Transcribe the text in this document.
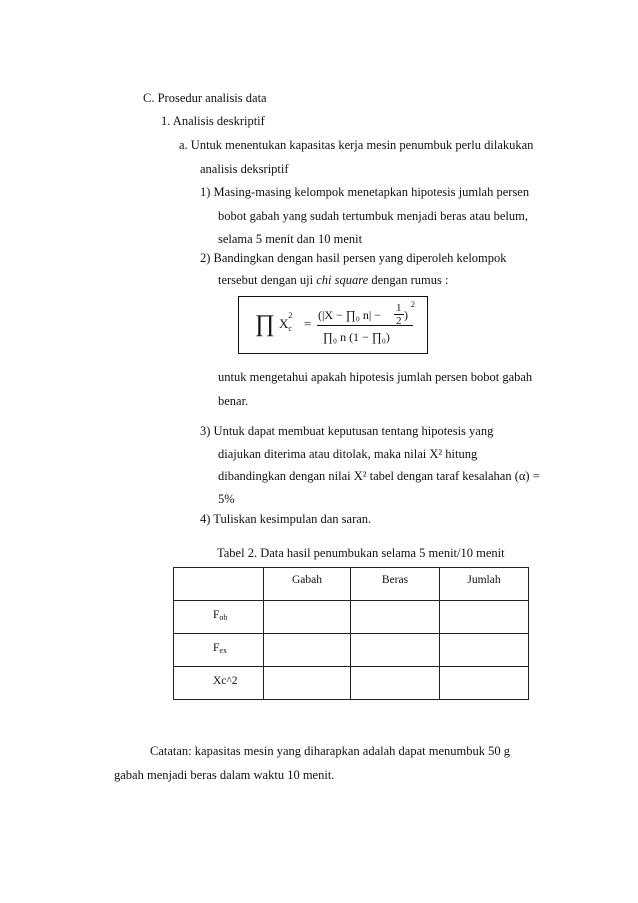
C. Prosedur analisis data
1. Analisis deskriptif
a. Untuk menentukan kapasitas kerja mesin penumbuk perlu dilakukan
analisis deksriptif
1) Masing-masing kelompok menetapkan hipotesis jumlah persen
bobot gabah yang sudah tertumbuk menjadi beras atau belum,
selama 5 menit dan 10 menit
2) Bandingkan dengan hasil persen yang diperoleh kelompok
tersebut dengan uji chi square dengan rumus :
∏ X
2
c =
(|X − ∏₀ n| − 1
2 )
2
∏₀ n (1 − ∏₀)
untuk mengetahui apakah hipotesis jumlah persen bobot gabah
benar.
3) Untuk dapat membuat keputusan tentang hipotesis yang
diajukan diterima atau ditolak, maka nilai X² hitung
dibandingkan dengan nilai X² tabel dengan taraf kesalahan (α) =
5%
4) Tuliskan kesimpulan dan saran.
Tabel 2. Data hasil penumbukan selama 5 menit/10 menit

	Gabah	Beras	Jumlah

$F_{ob}$

$F_{ex}$

Xc^2			

Catatan: kapasitas mesin yang diharapkan adalah dapat menumbuk 50 g
gabah menjadi beras dalam waktu 10 menit.
